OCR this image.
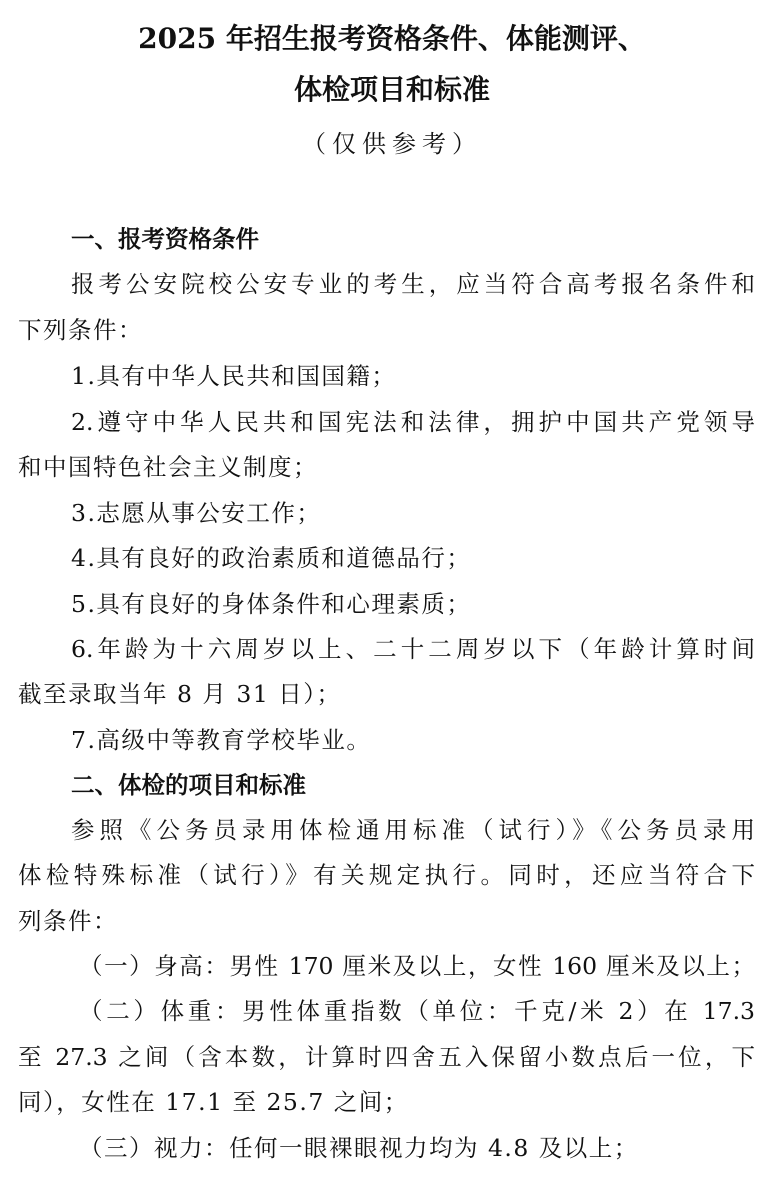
2025 年招生报考资格条件、体能测评、
体检项目和标准
（仅供参考）
一、报考资格条件
报考公安院校公安专业的考生，应当符合高考报名条件和
下列条件：
1.具有中华人民共和国国籍；
2.遵守中华人民共和国宪法和法律，拥护中国共产党领导
和中国特色社会主义制度；
3.志愿从事公安工作；
4.具有良好的政治素质和道德品行；
5.具有良好的身体条件和心理素质；
6.年龄为十六周岁以上、二十二周岁以下（年龄计算时间
截至录取当年 8 月 31 日）；
7.高级中等教育学校毕业。
二、体检的项目和标准
参照《公务员录用体检通用标准（试行）》《公务员录用
体检特殊标准（试行）》有关规定执行。同时，还应当符合下
列条件：
（一）身高：男性 170 厘米及以上，女性 160 厘米及以上；
（二）体重：男性体重指数（单位：千克/米 2）在 17.3
至 27.3 之间（含本数，计算时四舍五入保留小数点后一位，下
同），女性在 17.1 至 25.7 之间；
（三）视力：任何一眼裸眼视力均为 4.8 及以上；
